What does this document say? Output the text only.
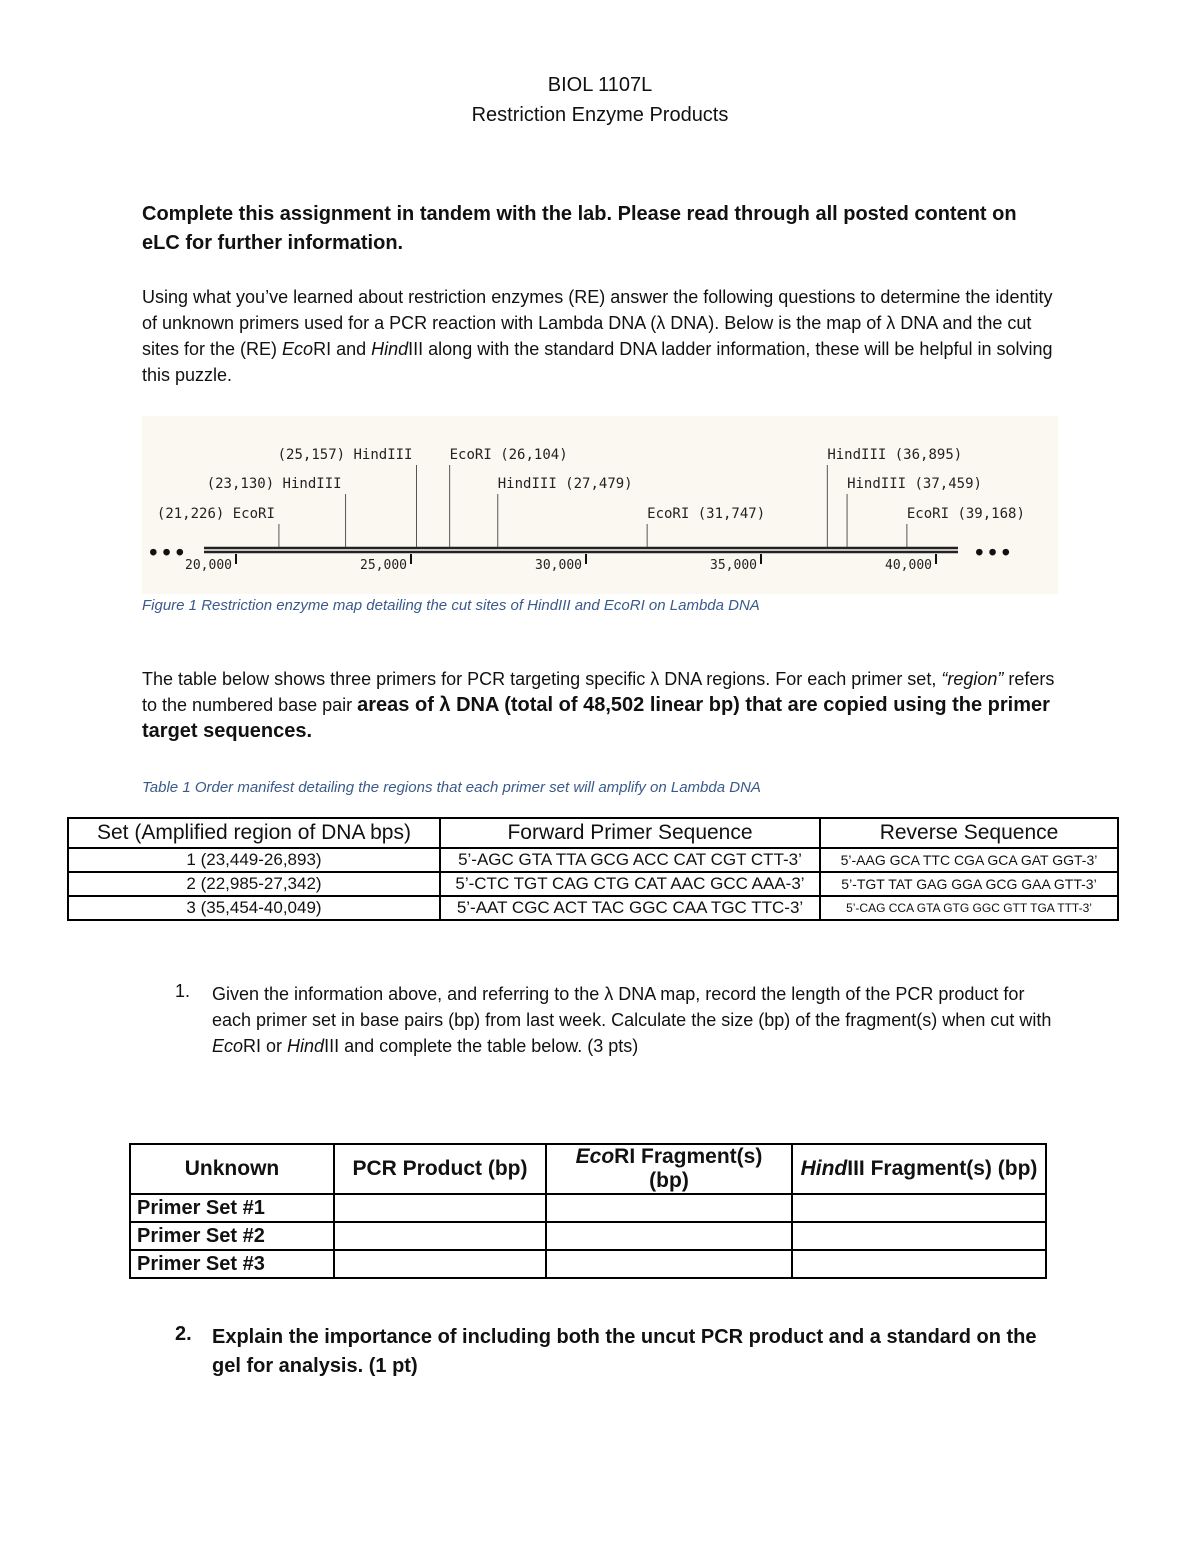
BIOL 1107L
Restriction Enzyme Products
Complete this assignment in tandem with the lab. Please read through all posted content on eLC for further information.
Using what you’ve learned about restriction enzymes (RE) answer the following questions to determine the identity of unknown primers used for a PCR reaction with Lambda DNA (λ DNA). Below is the map of λ DNA and the cut sites for the (RE) EcoRI and HindIII along with the standard DNA ladder information, these will be helpful in solving this puzzle.
● ● ●	● ● ●
20,000	25,000	30,000	35,000	40,000
(21,226) EcoRI
(23,130) HindIII
(25,157) HindIII	EcoRI (26,104)
HindIII (27,479)
EcoRI (31,747)
HindIII (36,895)
HindIII (37,459)
EcoRI (39,168)
Figure 1 Restriction enzyme map detailing the cut sites of HindIII and EcoRI on Lambda DNA
The table below shows three primers for PCR targeting specific λ DNA regions. For each primer set, “region” refers to the numbered base pair areas of λ DNA (total of 48,502 linear bp) that are copied using the primer target sequences.
Table 1 Order manifest detailing the regions that each primer set will amplify on Lambda DNA
Set (Amplified region of DNA bps)	Forward Primer Sequence	Reverse Sequence
1 (23,449-26,893)	5’-AGC GTA TTA GCG ACC CAT CGT CTT-3’	5’-AAG GCA TTC CGA GCA GAT GGT-3’
2 (22,985-27,342)	5’-CTC TGT CAG CTG CAT AAC GCC AAA-3’	5’-TGT TAT GAG GGA GCG GAA GTT-3’
3 (35,454-40,049)	5’-AAT CGC ACT TAC GGC CAA TGC TTC-3’	5’-CAG CCA GTA GTG GGC GTT TGA TTT-3’
1. Given the information above, and referring to the λ DNA map, record the length of the PCR product for each primer set in base pairs (bp) from last week. Calculate the size (bp) of the fragment(s) when cut with EcoRI or HindIII and complete the table below. (3 pts)
Unknown	PCR Product (bp)	EcoRI Fragment(s) (bp)	HindIII Fragment(s) (bp)
Primer Set #1			
Primer Set #2			
Primer Set #3			
2. Explain the importance of including both the uncut PCR product and a standard on the gel for analysis. (1 pt)
